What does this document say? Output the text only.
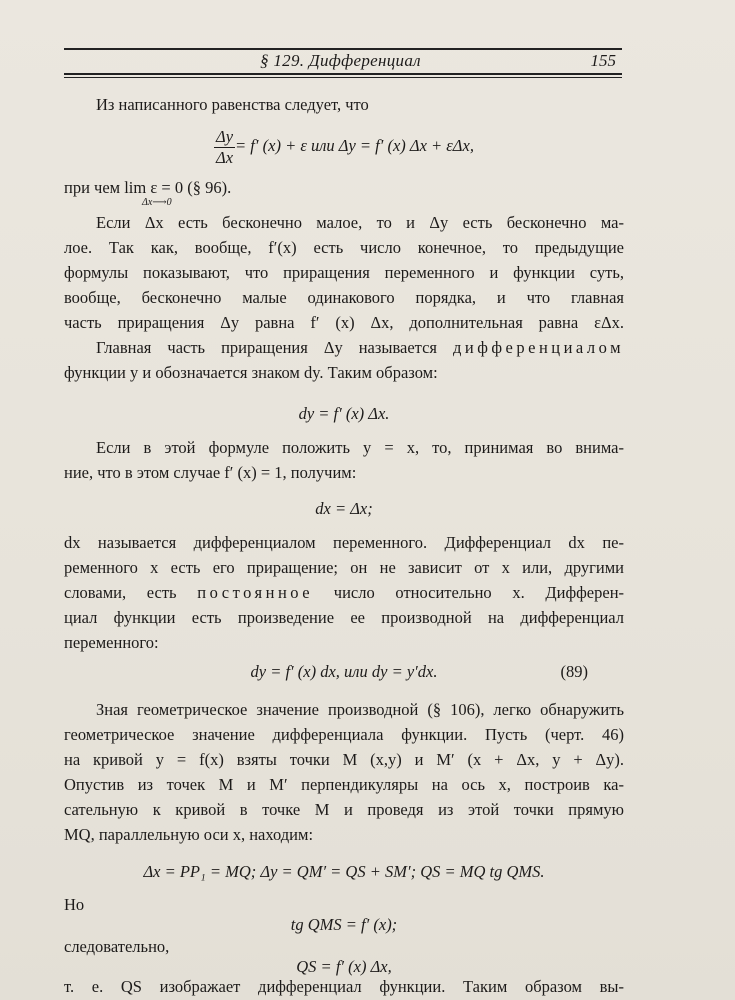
§ 129. Дифференциал	155
Из написанного равенства следует, что
$\frac{\Delta y}{\Delta x} = f'$ (x) + ε или Δy = f′ (x) Δx + εΔx,
при чем lim ε = 0 (§ 96).
Δx⟶0
Если Δx есть бесконечно малое, то и Δy есть бесконечно ма-
лое. Так как, вообще, f′(x) есть число конечное, то предыдущие
формулы показывают, что приращения переменного и функции суть,
вообще, бесконечно малые одинакового порядка, и что главная
часть приращения Δy равна f′ (x) Δx, дополнительная равна εΔx.
Главная часть приращения Δy называется дифференциалом
функции y и обозначается знаком dy. Таким образом:
dy = f′ (x) Δx.
Если в этой формуле положить y = x, то, принимая во внима-
ние, что в этом случае f′ (x) = 1, получим:
dx = Δx;
dx называется дифференциалом переменного. Дифференциал dx пе-
ременного x есть его приращение; он не зависит от x или, другими
словами, есть постоянное число относительно x. Дифферен-
циал функции есть произведение ее производной на дифференциал
переменного:
dy = f′ (x) dx, или dy = y′dx.	(89)
Зная геометрическое значение производной (§ 106), легко обнаружить
геометрическое значение дифференциала функции. Пусть (черт. 46)
на кривой y = f(x) взяты точки M (x,y) и M′ (x + Δx, y + Δy).
Опустив из точек M и M′ перпендикуляры на ось x, построив ка-
сательную к кривой в точке M и проведя из этой точки прямую
MQ, параллельную оси x, находим:
Δx = PP₁ = MQ; Δy = QM′ = QS + SM′; QS = MQ tg QMS.
Но
tg QMS = f′ (x);
следовательно,
QS = f′ (x) Δx,
т. е. QS изображает дифференциал функции. Таким образом вы-
